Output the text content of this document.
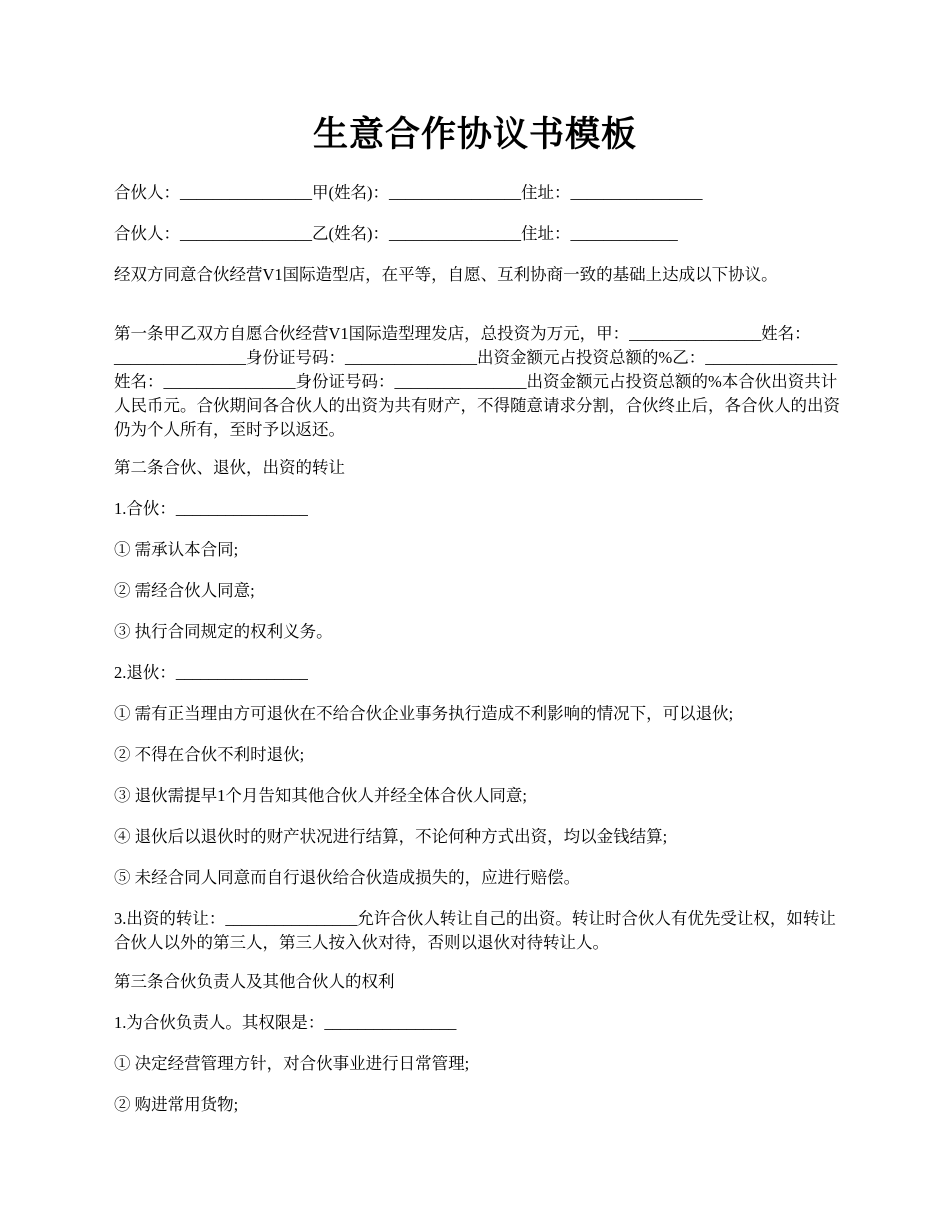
生意合作协议书模板

合伙人：________________甲(姓名)：________________住址：________________

合伙人：________________乙(姓名)：________________住址：_____________

经双方同意合伙经营V1国际造型店，在平等，自愿、互利协商一致的基础上达成以下协议。

第一条甲乙双方自愿合伙经营V1国际造型理发店，总投资为万元，甲：________________姓名：________________身份证号码：________________出资金额元占投资总额的%乙：________________姓名：________________身份证号码：________________出资金额元占投资总额的%本合伙出资共计人民币元。合伙期间各合伙人的出资为共有财产，不得随意请求分割，合伙终止后，各合伙人的出资仍为个人所有，至时予以返还。

第二条合伙、退伙，出资的转让

1.合伙：________________

① 需承认本合同;

② 需经合伙人同意;

③ 执行合同规定的权利义务。

2.退伙：________________

① 需有正当理由方可退伙在不给合伙企业事务执行造成不利影响的情况下，可以退伙;

② 不得在合伙不利时退伙;

③ 退伙需提早1个月告知其他合伙人并经全体合伙人同意;

④ 退伙后以退伙时的财产状况进行结算，不论何种方式出资，均以金钱结算;

⑤ 未经合同人同意而自行退伙给合伙造成损失的，应进行赔偿。

3.出资的转让：________________允许合伙人转让自己的出资。转让时合伙人有优先受让权，如转让合伙人以外的第三人，第三人按入伙对待，否则以退伙对待转让人。

第三条合伙负责人及其他合伙人的权利

1.为合伙负责人。其权限是：________________

① 决定经营管理方针，对合伙事业进行日常管理;

② 购进常用货物;
